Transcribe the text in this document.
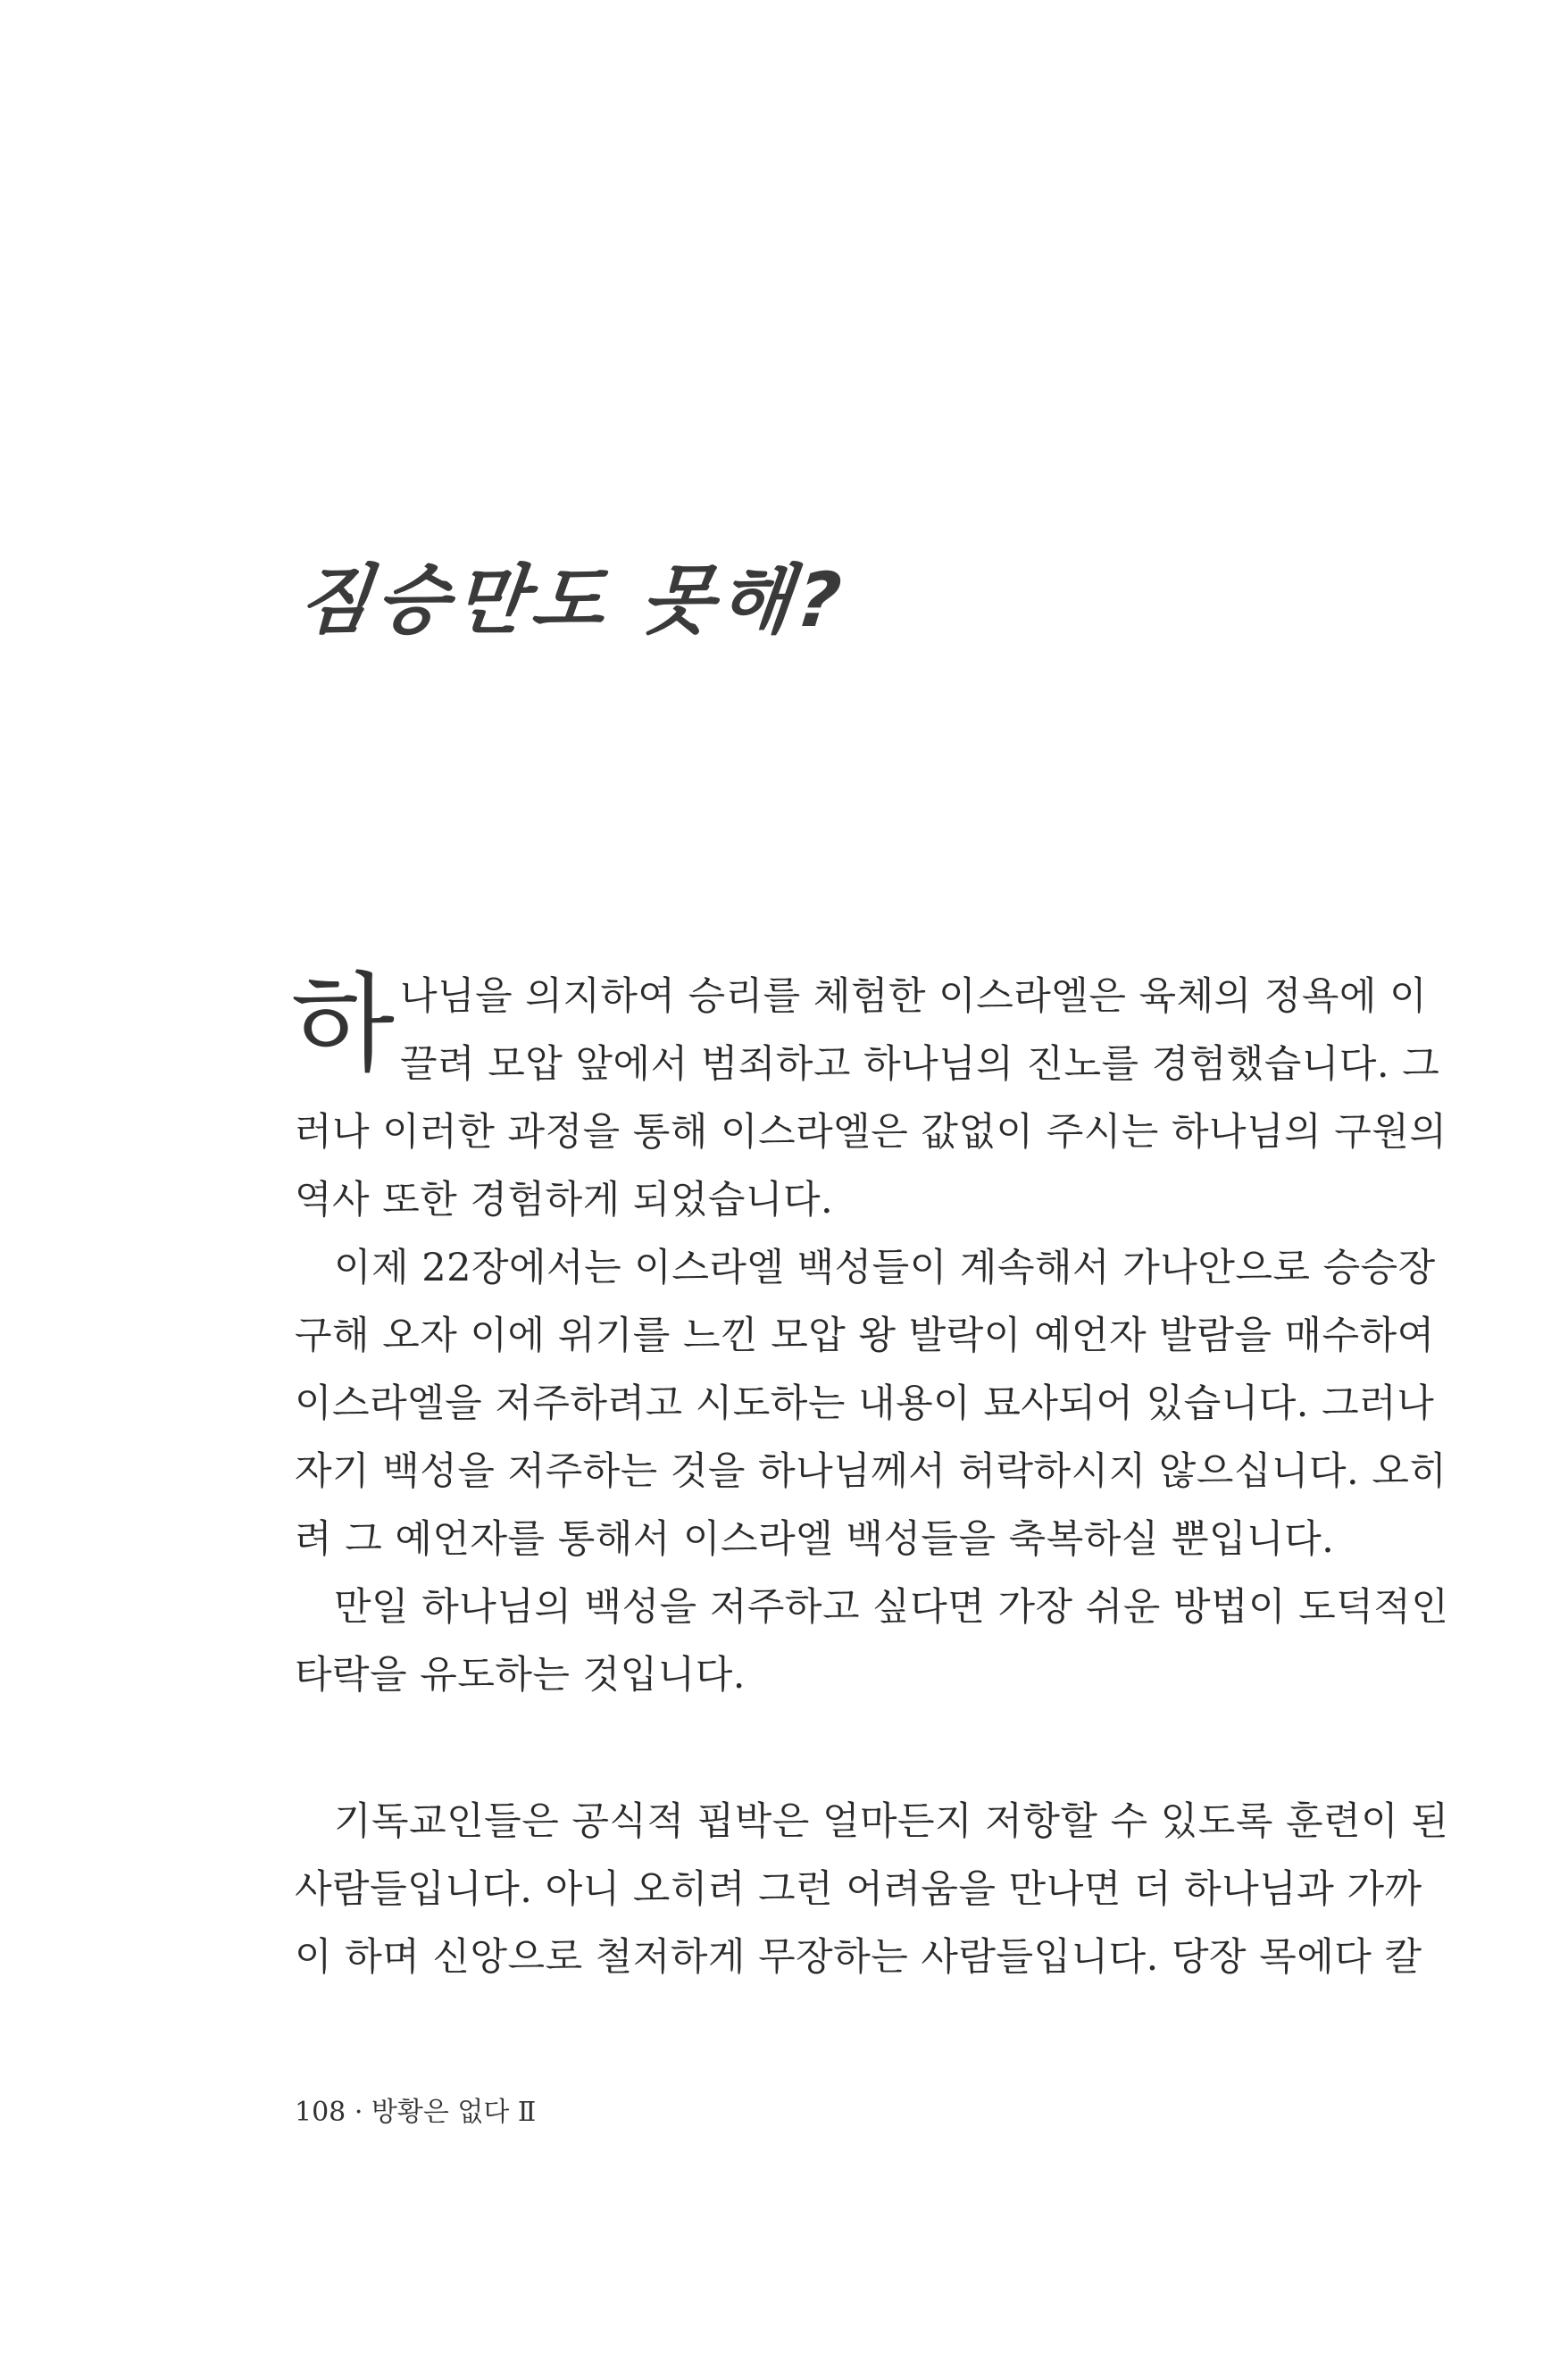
짐승만도 못해?
하 나님을 의지하여 승리를 체험한 이스라엘은 육체의 정욕에 이
끌려 모압 앞에서 범죄하고 하나님의 진노를 경험했습니다. 그
러나 이러한 과정을 통해 이스라엘은 값없이 주시는 하나님의 구원의
역사 또한 경험하게 되었습니다.
이제 22장에서는 이스라엘 백성들이 계속해서 가나안으로 승승장
구해 오자 이에 위기를 느낀 모압 왕 발락이 예언자 발람을 매수하여
이스라엘을 저주하려고 시도하는 내용이 묘사되어 있습니다. 그러나
자기 백성을 저주하는 것을 하나님께서 허락하시지 않으십니다. 오히
려 그 예언자를 통해서 이스라엘 백성들을 축복하실 뿐입니다.
만일 하나님의 백성을 저주하고 싶다면 가장 쉬운 방법이 도덕적인
타락을 유도하는 것입니다.
기독교인들은 공식적 핍박은 얼마든지 저항할 수 있도록 훈련이 된
사람들입니다. 아니 오히려 그런 어려움을 만나면 더 하나님과 가까
이 하며 신앙으로 철저하게 무장하는 사람들입니다. 당장 목에다 칼
108 · 방황은 없다 Ⅱ
